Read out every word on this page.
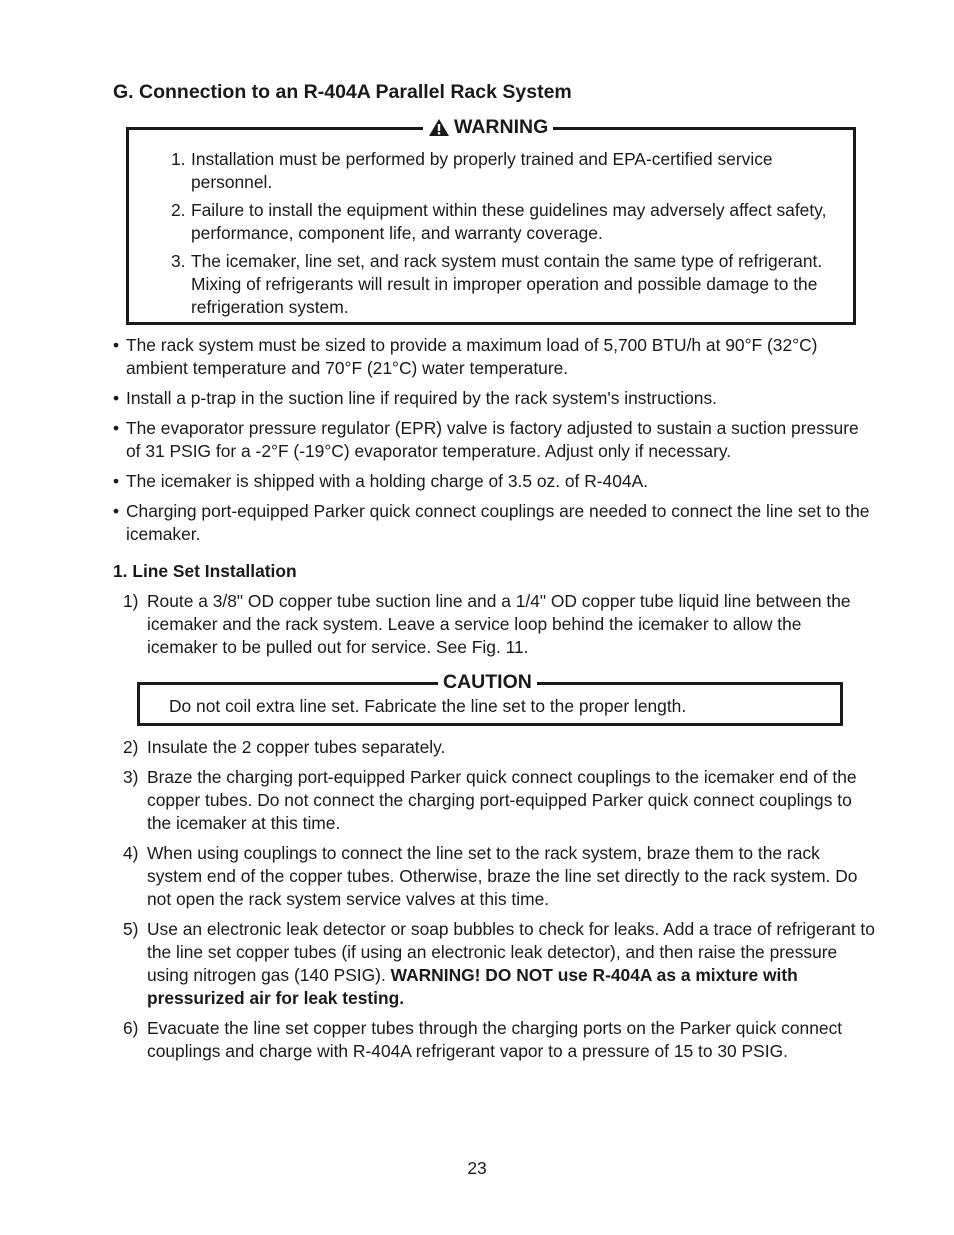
G. Connection to an R-404A Parallel Rack System
WARNING
1. Installation must be performed by properly trained and EPA-certified service personnel.
2. Failure to install the equipment within these guidelines may adversely affect safety, performance, component life, and warranty coverage.
3. The icemaker, line set, and rack system must contain the same type of refrigerant. Mixing of refrigerants will result in improper operation and possible damage to the refrigeration system.
• The rack system must be sized to provide a maximum load of 5,700 BTU/h at 90°F (32°C) ambient temperature and 70°F (21°C) water temperature.
• Install a p-trap in the suction line if required by the rack system's instructions.
• The evaporator pressure regulator (EPR) valve is factory adjusted to sustain a suction pressure of 31 PSIG for a -2°F (-19°C) evaporator temperature. Adjust only if necessary.
• The icemaker is shipped with a holding charge of 3.5 oz. of R-404A.
• Charging port-equipped Parker quick connect couplings are needed to connect the line set to the icemaker.
1. Line Set Installation
1) Route a 3/8" OD copper tube suction line and a 1/4" OD copper tube liquid line between the icemaker and the rack system. Leave a service loop behind the icemaker to allow the icemaker to be pulled out for service. See Fig. 11.
CAUTION

Do not coil extra line set. Fabricate the line set to the proper length.

2) Insulate the 2 copper tubes separately.
3) Braze the charging port-equipped Parker quick connect couplings to the icemaker end of the copper tubes. Do not connect the charging port-equipped Parker quick connect couplings to the icemaker at this time.
4) When using couplings to connect the line set to the rack system, braze them to the rack system end of the copper tubes. Otherwise, braze the line set directly to the rack system. Do not open the rack system service valves at this time.
5) Use an electronic leak detector or soap bubbles to check for leaks. Add a trace of refrigerant to the line set copper tubes (if using an electronic leak detector), and then raise the pressure using nitrogen gas (140 PSIG). WARNING! DO NOT use R-404A as a mixture with pressurized air for leak testing.
6) Evacuate the line set copper tubes through the charging ports on the Parker quick connect couplings and charge with R-404A refrigerant vapor to a pressure of 15 to 30 PSIG.

23
